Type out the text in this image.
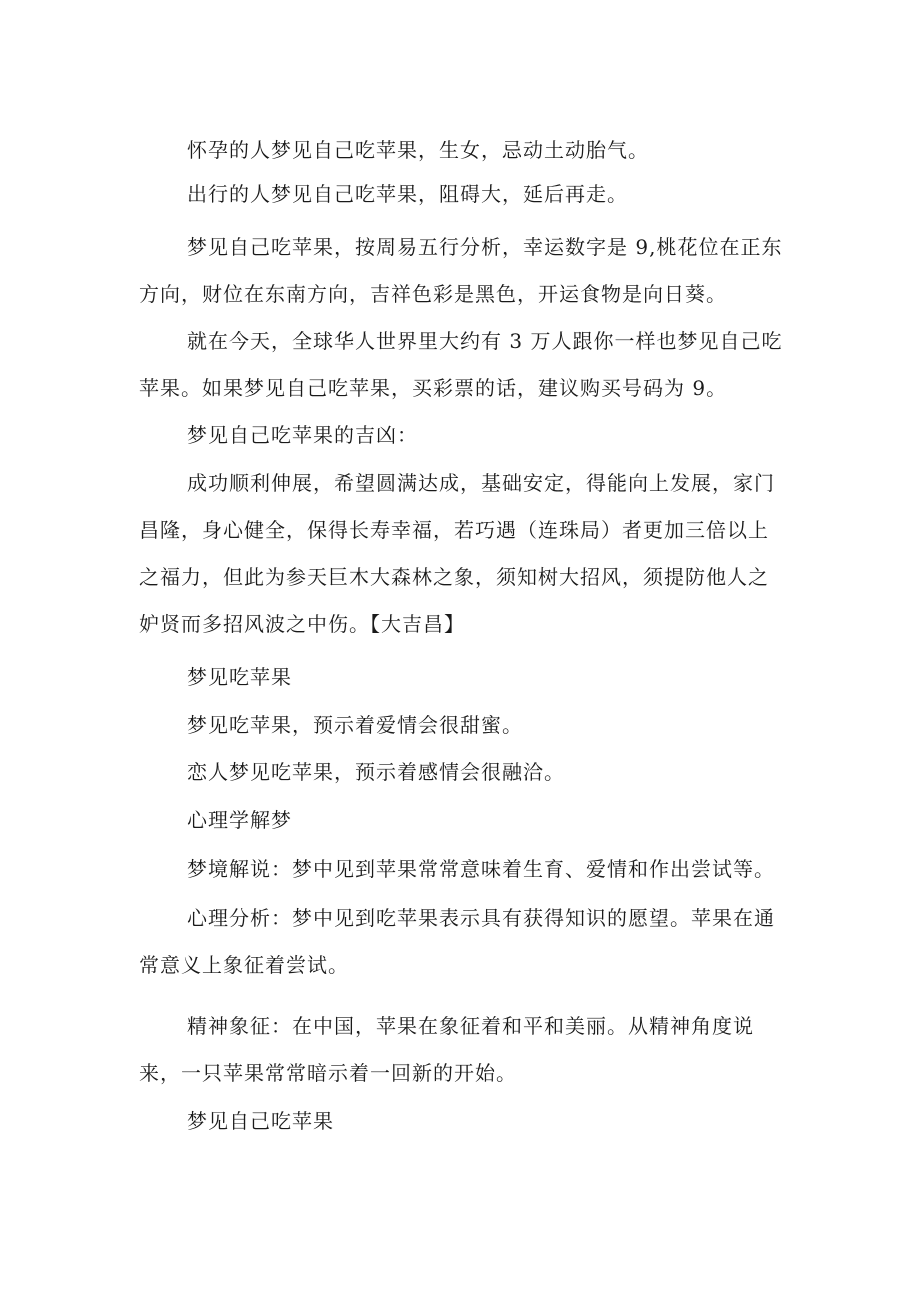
怀孕的人梦见自己吃苹果，生女，忌动土动胎气。
出行的人梦见自己吃苹果，阻碍大，延后再走。
梦见自己吃苹果，按周易五行分析，幸运数字是 9,桃花位在正东
方向，财位在东南方向，吉祥色彩是黑色，开运食物是向日葵。
就在今天，全球华人世界里大约有 3 万人跟你一样也梦见自己吃
苹果。如果梦见自己吃苹果，买彩票的话，建议购买号码为 9。
梦见自己吃苹果的吉凶：
成功顺利伸展，希望圆满达成，基础安定，得能向上发展，家门
昌隆，身心健全，保得长寿幸福，若巧遇（连珠局）者更加三倍以上
之福力，但此为参天巨木大森林之象，须知树大招风，须提防他人之
妒贤而多招风波之中伤。【大吉昌】
梦见吃苹果
梦见吃苹果，预示着爱情会很甜蜜。
恋人梦见吃苹果，预示着感情会很融洽。
心理学解梦
梦境解说：梦中见到苹果常常意味着生育、爱情和作出尝试等。
心理分析：梦中见到吃苹果表示具有获得知识的愿望。苹果在通
常意义上象征着尝试。
精神象征：在中国，苹果在象征着和平和美丽。从精神角度说
来，一只苹果常常暗示着一回新的开始。
梦见自己吃苹果
